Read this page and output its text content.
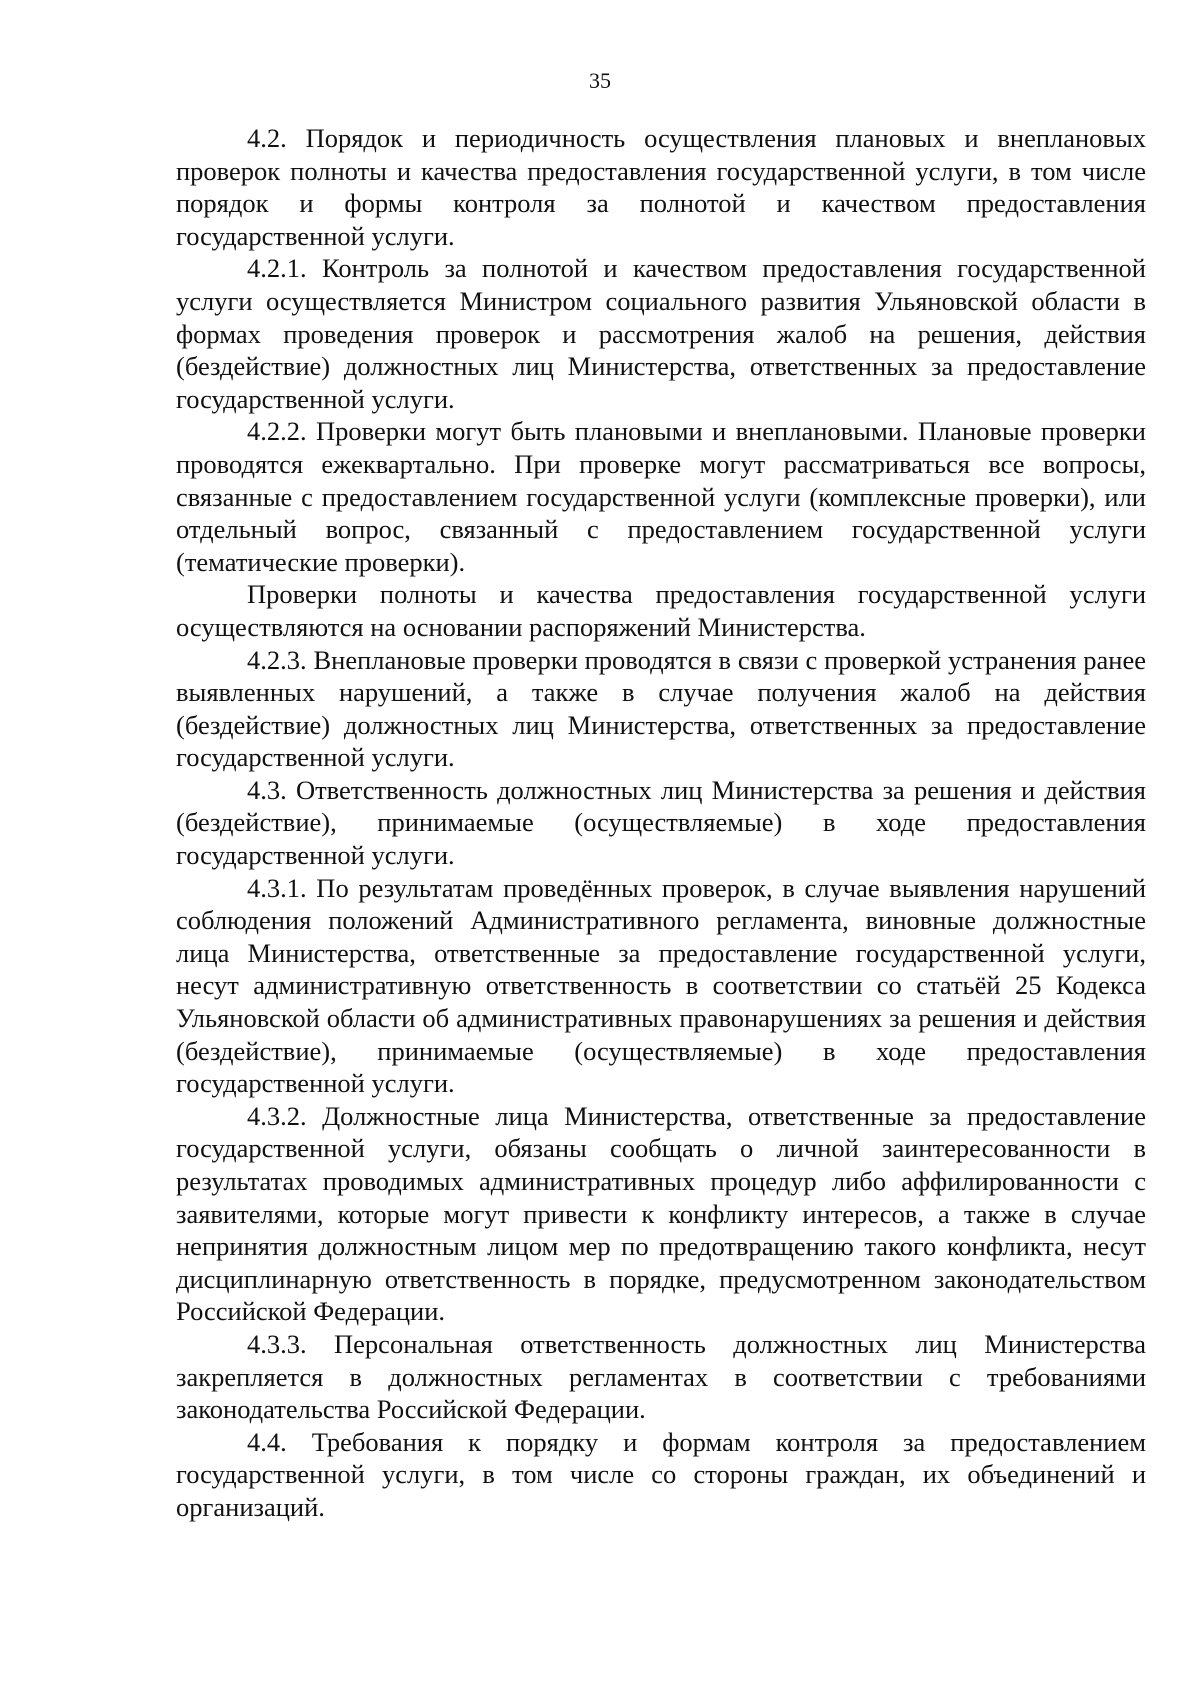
35

4.2. Порядок и периодичность осуществления плановых и внеплановых проверок полноты и качества предоставления государственной услуги, в том числе порядок и формы контроля за полнотой и качеством предоставления государственной услуги.

4.2.1. Контроль за полнотой и качеством предоставления государственной услуги осуществляется Министром социального развития Ульяновской области в формах проведения проверок и рассмотрения жалоб на решения, действия (бездействие) должностных лиц Министерства, ответственных за предоставление государственной услуги.

4.2.2. Проверки могут быть плановыми и внеплановыми. Плановые проверки проводятся ежеквартально. При проверке могут рассматриваться все вопросы, связанные с предоставлением государственной услуги (комплексные проверки), или отдельный вопрос, связанный с предоставлением государственной услуги (тематические проверки).

Проверки полноты и качества предоставления государственной услуги осуществляются на основании распоряжений Министерства.

4.2.3. Внеплановые проверки проводятся в связи с проверкой устранения ранее выявленных нарушений, а также в случае получения жалоб на действия (бездействие) должностных лиц Министерства, ответственных за предоставление государственной услуги.

4.3. Ответственность должностных лиц Министерства за решения и действия (бездействие), принимаемые (осуществляемые) в ходе предоставления государственной услуги.

4.3.1. По результатам проведённых проверок, в случае выявления нарушений соблюдения положений Административного регламента, виновные должностные лица Министерства, ответственные за предоставление государственной услуги, несут административную ответственность в соответствии со статьёй 25 Кодекса Ульяновской области об административных правонарушениях за решения и действия (бездействие), принимаемые (осуществляемые) в ходе предоставления государственной услуги.

4.3.2. Должностные лица Министерства, ответственные за предоставление государственной услуги, обязаны сообщать о личной заинтересованности в результатах проводимых административных процедур либо аффилированности с заявителями, которые могут привести к конфликту интересов, а также в случае непринятия должностным лицом мер по предотвращению такого конфликта, несут дисциплинарную ответственность в порядке, предусмотренном законодательством Российской Федерации.

4.3.3. Персональная ответственность должностных лиц Министерства закрепляется в должностных регламентах в соответствии с требованиями законодательства Российской Федерации.

4.4. Требования к порядку и формам контроля за предоставлением государственной услуги, в том числе со стороны граждан, их объединений и организаций.
